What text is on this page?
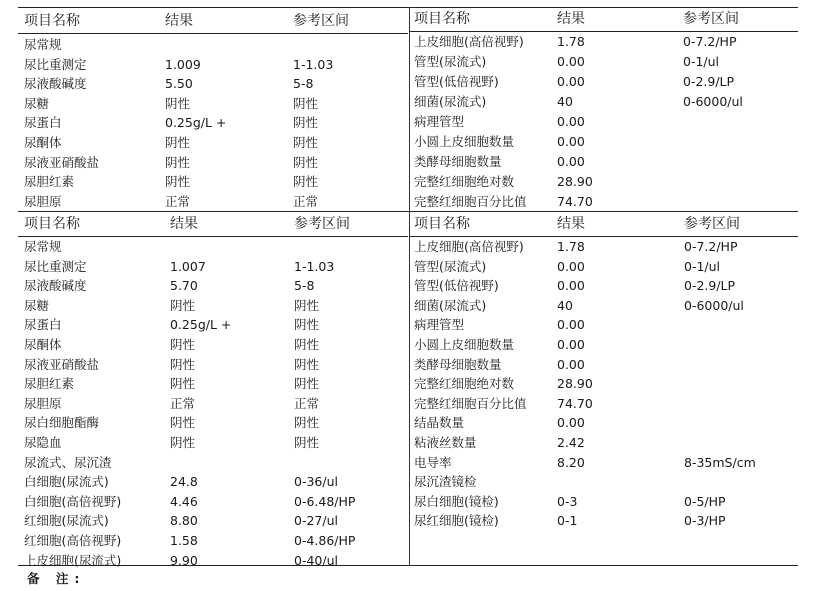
项目名称	结果	参考区间
尿常规
尿比重测定	1.009	1-1.03
尿液酸碱度	5.50	5-8
尿糖	阴性	阴性
尿蛋白	0.25g/L +	阴性
尿酮体	阴性	阴性
尿液亚硝酸盐	阴性	阴性
尿胆红素	阴性	阴性
尿胆原	正常	正常
项目名称	结果	参考区间
上皮细胞(高倍视野)	1.78	0-7.2/HP
管型(尿流式)	0.00	0-1/ul
管型(低倍视野)	0.00	0-2.9/LP
细菌(尿流式)	40	0-6000/ul
病理管型	0.00
小圆上皮细胞数量	0.00
类酵母细胞数量	0.00
完整红细胞绝对数	28.90
完整红细胞百分比值 74.70
项目名称	结果	参考区间
尿常规
尿比重测定	1.007	1-1.03
尿液酸碱度	5.70	5-8
尿糖	阴性	阴性
尿蛋白	0.25g/L +	阴性
尿酮体	阴性	阴性
尿液亚硝酸盐	阴性	阴性
尿胆红素	阴性	阴性
尿胆原	正常	正常
尿白细胞酯酶	阴性	阴性
尿隐血	阴性	阴性
尿流式、尿沉渣
白细胞(尿流式)	24.8	0-36/ul
白细胞(高倍视野)	4.46	0-6.48/HP
红细胞(尿流式)	8.80	0-27/ul
红细胞(高倍视野)	1.58	0-4.86/HP
上皮细胞(尿流式)	9.90	0-40/ul
项目名称	结果	参考区间
上皮细胞(高倍视野)	1.78	0-7.2/HP
管型(尿流式)	0.00	0-1/ul
管型(低倍视野)	0.00	0-2.9/LP
细菌(尿流式)	40	0-6000/ul
病理管型	0.00
小圆上皮细胞数量	0.00
类酵母细胞数量	0.00
完整红细胞绝对数	28.90
完整红细胞百分比值 74.70
结晶数量	0.00
粘液丝数量	2.42
电导率	8.20	8-35mS/cm
尿沉渣镜检
尿白细胞(镜检)	0-3	0-5/HP
尿红细胞(镜检)	0-1	0-3/HP
备 注:
